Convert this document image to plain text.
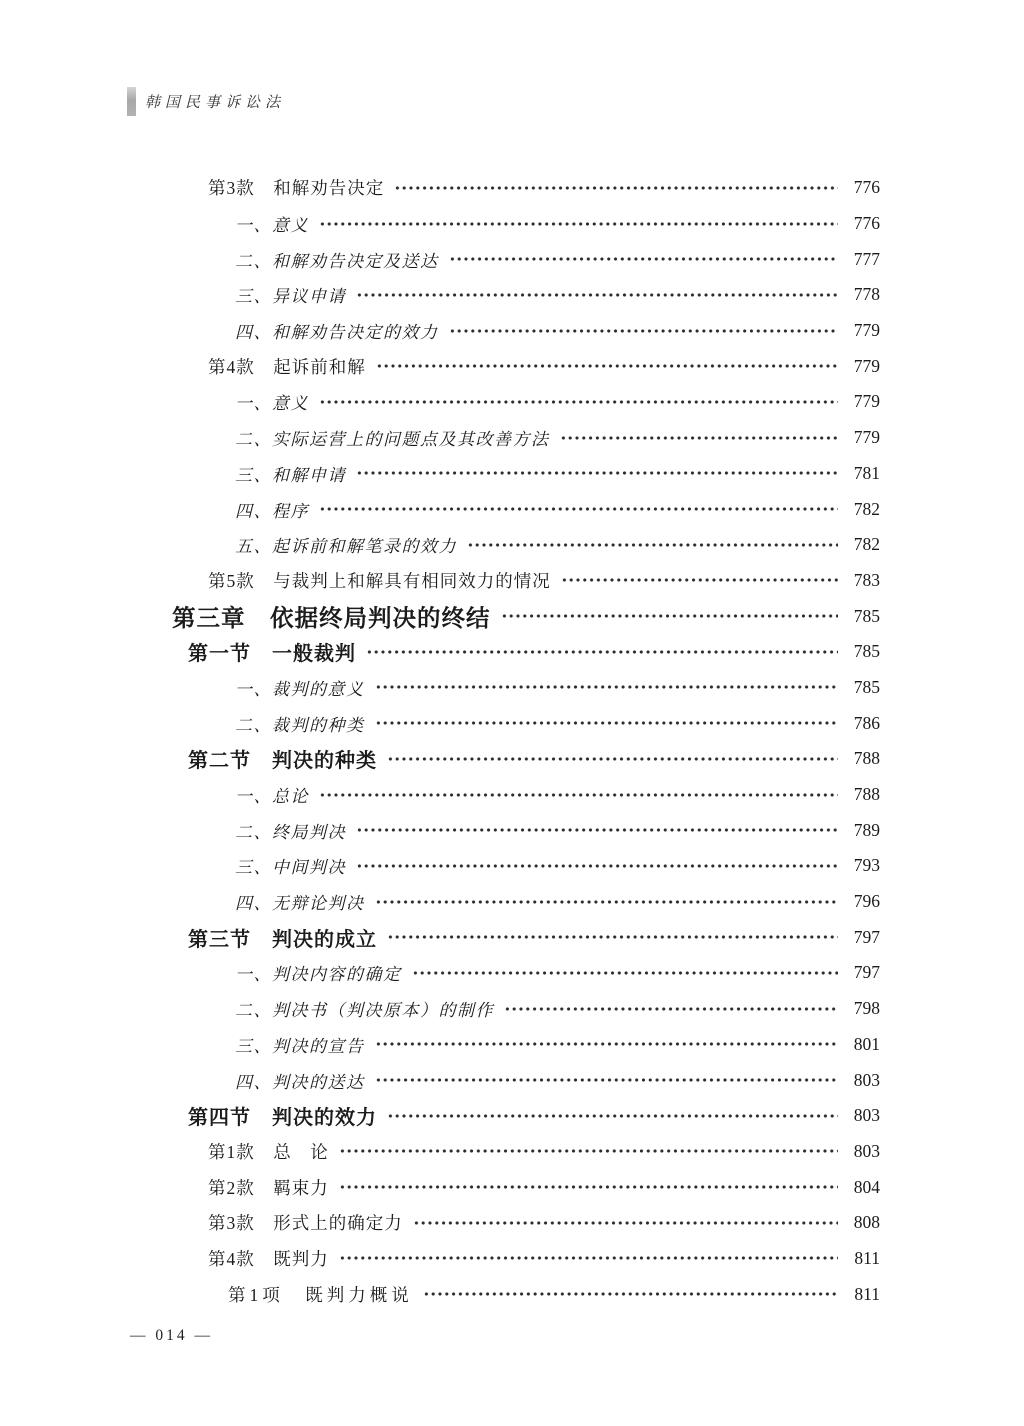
韩国民事诉讼法
第3款　和解劝告决定	776
一、意义	776
二、和解劝告决定及送达	777
三、异议申请	778
四、和解劝告决定的效力	779
第4款　起诉前和解	779
一、意义	779
二、实际运营上的问题点及其改善方法	779
三、和解申请	781
四、程序	782
五、起诉前和解笔录的效力	782
第5款　与裁判上和解具有相同效力的情况	783
第三章　依据终局判决的终结	785
第一节　一般裁判	785
一、裁判的意义	785
二、裁判的种类	786
第二节　判决的种类	788
一、总论	788
二、终局判决	789
三、中间判决	793
四、无辩论判决	796
第三节　判决的成立	797
一、判决内容的确定	797
二、判决书（判决原本）的制作	798
三、判决的宣告	801
四、判决的送达	803
第四节　判决的效力	803
第1款　总　论	803
第2款　羁束力	804
第3款　形式上的确定力	808
第4款　既判力	811
第1项　既判力概说	811
— 014 —
